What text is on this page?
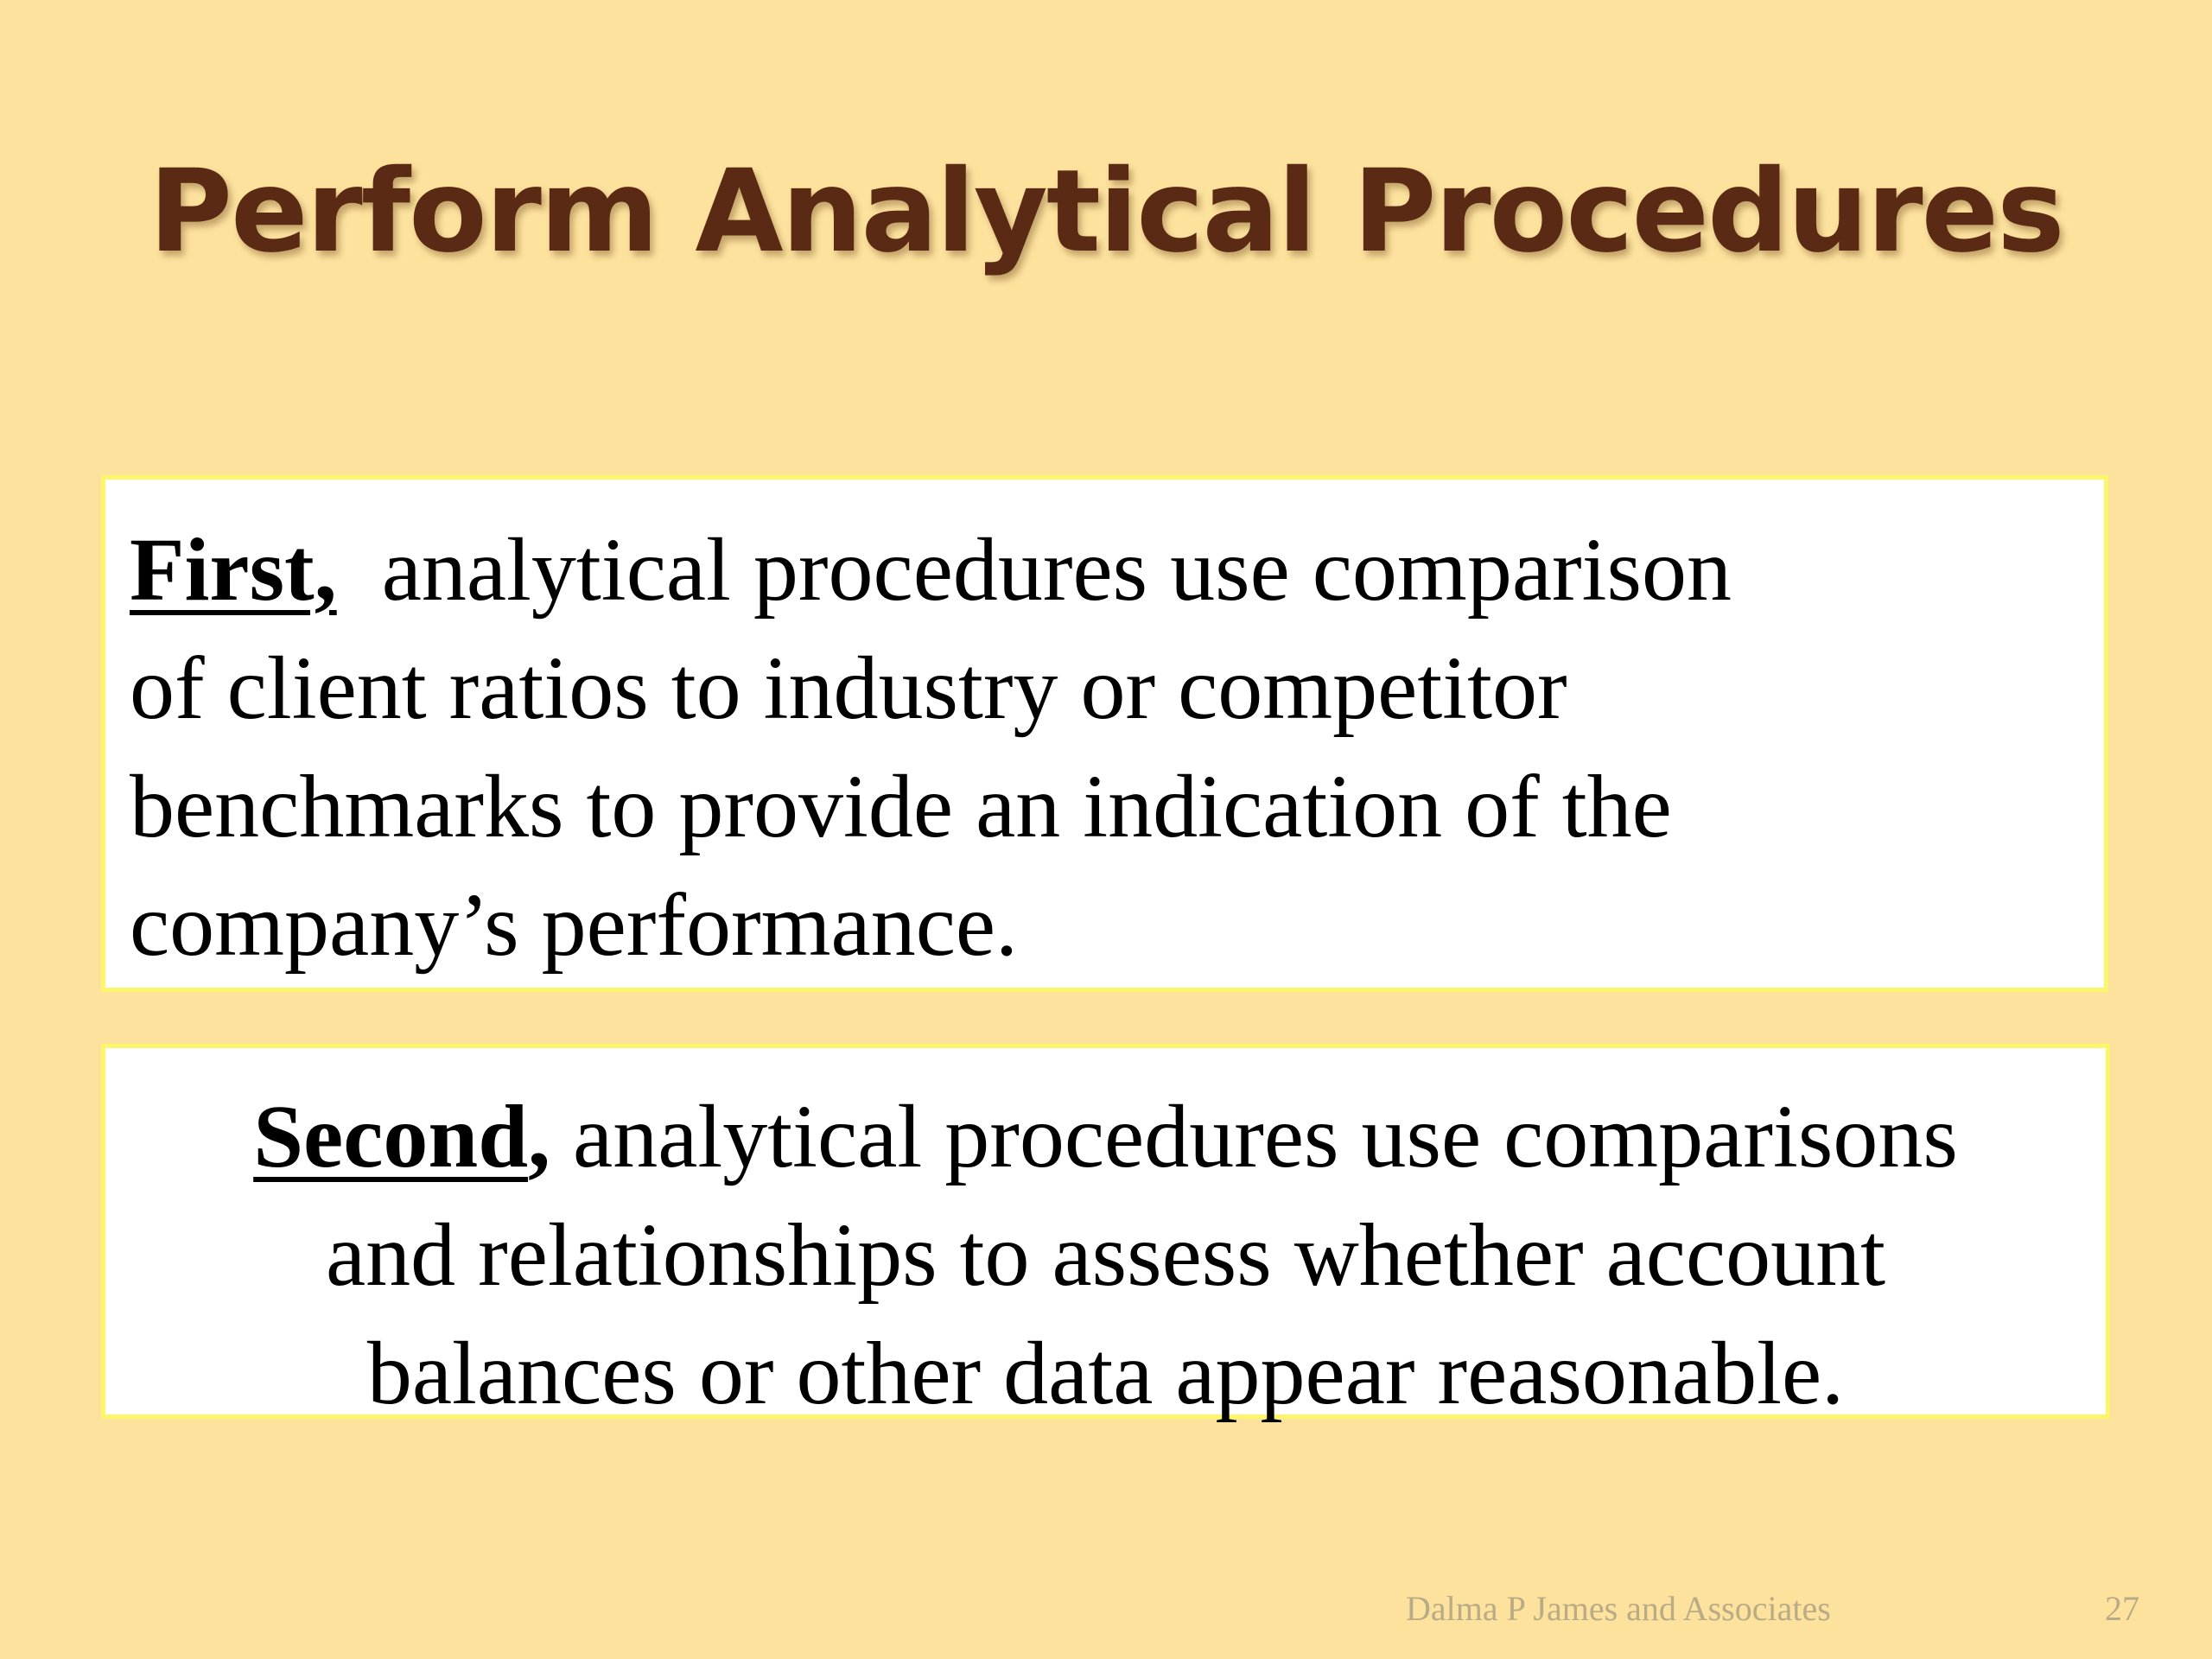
Perform Analytical Procedures
First, analytical procedures use comparison
of client ratios to industry or competitor
benchmarks to provide an indication of the
company’s performance.
Second, analytical procedures use comparisons
and relationships to assess whether account
balances or other data appear reasonable.
Dalma P James and Associates	27
